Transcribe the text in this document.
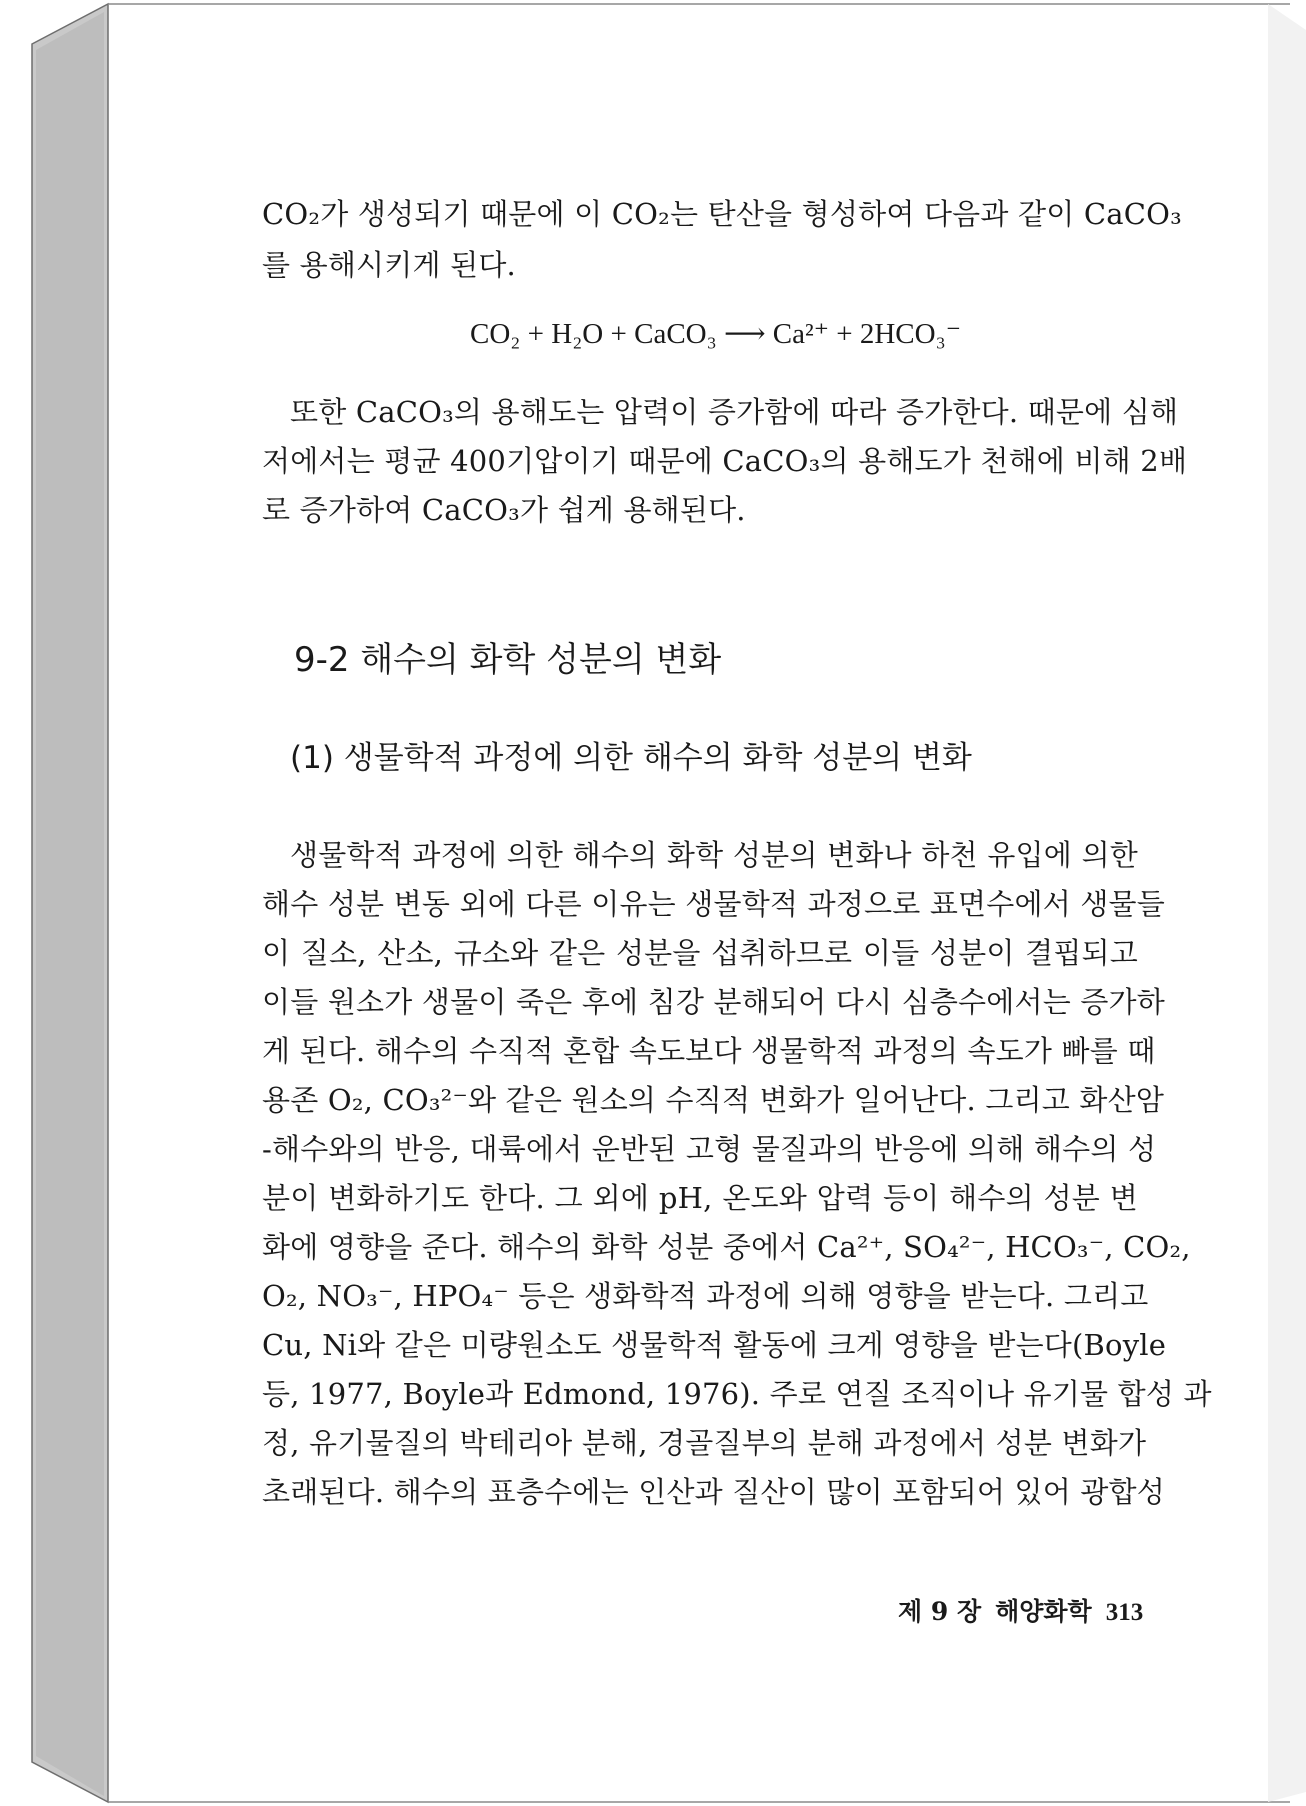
CO₂가 생성되기 때문에 이 CO₂는 탄산을 형성하여 다음과 같이 CaCO₃
를 용해시키게 된다.
CO₂ + H₂O + CaCO₃ ⟶ Ca²⁺ + 2HCO₃⁻
또한 CaCO₃의 용해도는 압력이 증가함에 따라 증가한다. 때문에 심해
저에서는 평균 400기압이기 때문에 CaCO₃의 용해도가 천해에 비해 2배
로 증가하여 CaCO₃가 쉽게 용해된다.
9-2 해수의 화학 성분의 변화
(1) 생물학적 과정에 의한 해수의 화학 성분의 변화
생물학적 과정에 의한 해수의 화학 성분의 변화나 하천 유입에 의한
해수 성분 변동 외에 다른 이유는 생물학적 과정으로 표면수에서 생물들
이 질소, 산소, 규소와 같은 성분을 섭취하므로 이들 성분이 결핍되고
이들 원소가 생물이 죽은 후에 침강 분해되어 다시 심층수에서는 증가하
게 된다. 해수의 수직적 혼합 속도보다 생물학적 과정의 속도가 빠를 때
용존 O₂, CO₃²⁻와 같은 원소의 수직적 변화가 일어난다. 그리고 화산암
-해수와의 반응, 대륙에서 운반된 고형 물질과의 반응에 의해 해수의 성
분이 변화하기도 한다. 그 외에 pH, 온도와 압력 등이 해수의 성분 변
화에 영향을 준다. 해수의 화학 성분 중에서 Ca²⁺, SO₄²⁻, HCO₃⁻, CO₂,
O₂, NO₃⁻, HPO₄⁻ 등은 생화학적 과정에 의해 영향을 받는다. 그리고
Cu, Ni와 같은 미량원소도 생물학적 활동에 크게 영향을 받는다(Boyle
등, 1977, Boyle과 Edmond, 1976). 주로 연질 조직이나 유기물 합성 과
정, 유기물질의 박테리아 분해, 경골질부의 분해 과정에서 성분 변화가
초래된다. 해수의 표층수에는 인산과 질산이 많이 포함되어 있어 광합성
제 9 장 해양화학 313
